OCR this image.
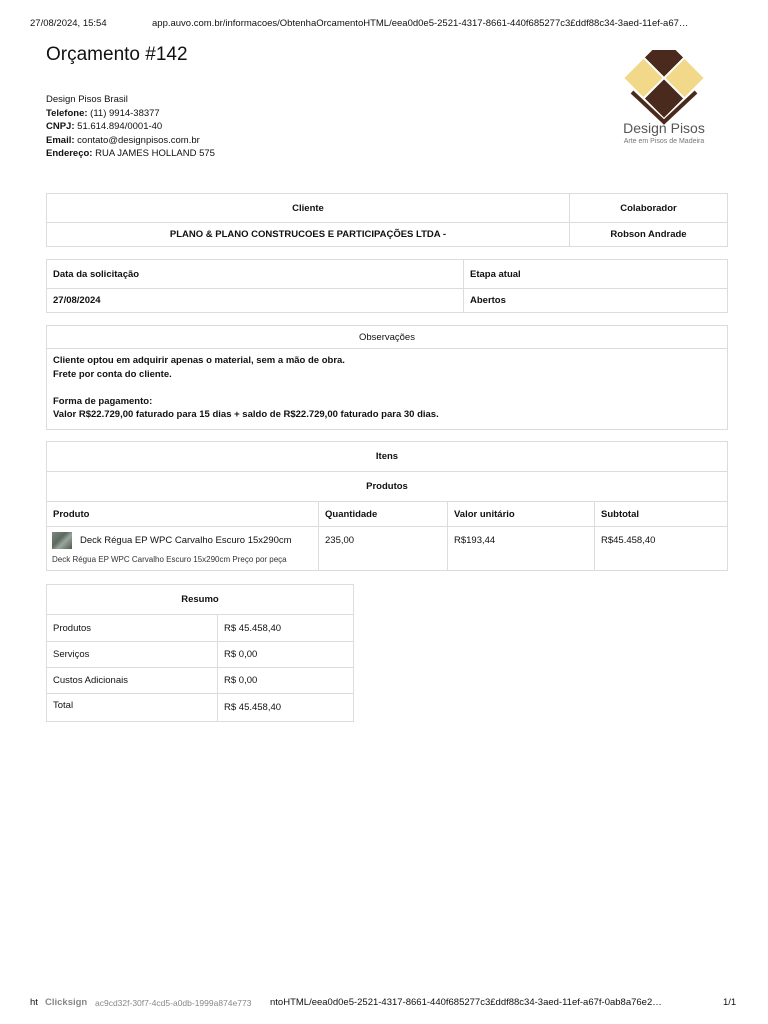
27/08/2024, 15:54	app.auvo.com.br/informacoes/ObtenhaOrcamentoHTML/eea0d0e5-2521-4317-8661-440f685277c3£ddf88c34-3aed-11ef-a67…
Orçamento #142
Design Pisos Brasil
Telefone: (11) 9914-38377
CNPJ: 51.614.894/0001-40
Email: contato@designpisos.com.br
Endereço: RUA JAMES HOLLAND 575
Design Pisos
Arte em Pisos de Madeira
Cliente	Colaborador
PLANO & PLANO CONSTRUCOES E PARTICIPAÇÕES LTDA -	Robson Andrade
Data da solicitação	Etapa atual
27/08/2024	Abertos
Observações

Cliente optou em adquirir apenas o material, sem a mão de obra.
Frete por conta do cliente.
Forma de pagamento:
Valor R$22.729,00 faturado para 15 dias + saldo de R$22.729,00 faturado para 30 dias.
Itens			
Produtos			
Produto	Quantidade	Valor unitário	Subtotal

Deck Régua EP WPC Carvalho Escuro 15x290cm
Deck Régua EP WPC Carvalho Escuro 15x290cm Preço por peça	235,00	R$193,44	R$45.458,40
Resumo	
Produtos	R$ 45.458,40
Serviços	R$ 0,00
Custos Adicionais	R$ 0,00
Total	R$ 45.458,40
ht Clicksign ac9cd32f-30f7-4cd5-a0db-1999a874e773 ntoHTML/eea0d0e5-2521-4317-8661-440f685277c3£ddf88c34-3aed-11ef-a67f-0ab8a76e2…	1/1
